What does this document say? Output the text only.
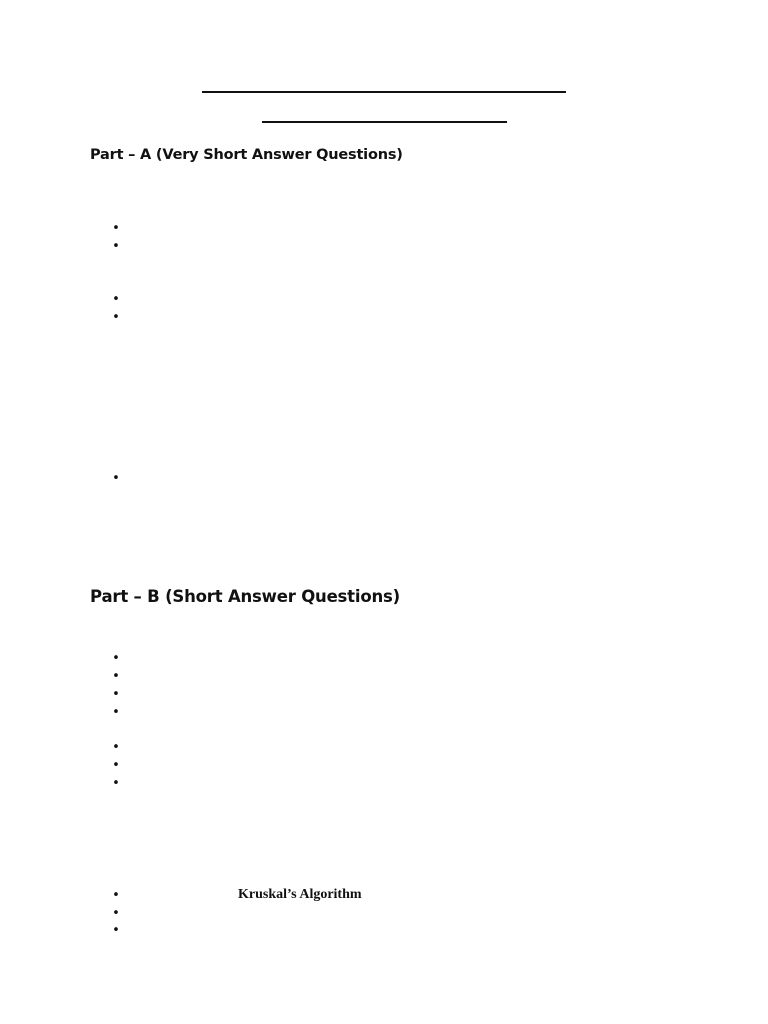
Part – A (Very Short Answer Questions)
•
•
•
•
•
Part – B (Short Answer Questions)
•
•
•
•
•
•
•
•	Kruskal’s Algorithm
•
•
